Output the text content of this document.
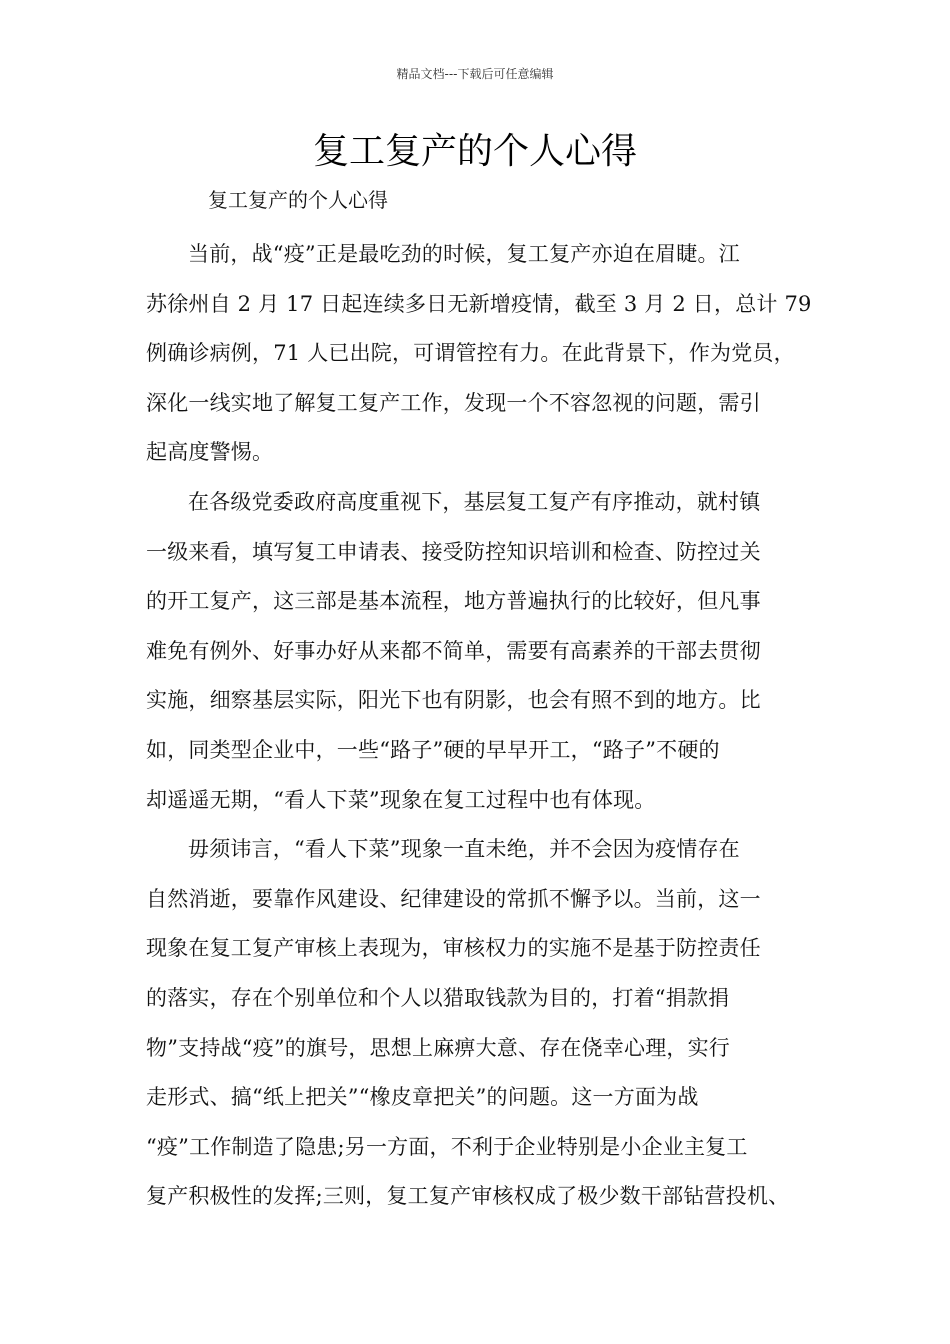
精品文档---下载后可任意编辑
复工复产的个人心得
复工复产的个人心得
当前，战“疫”正是最吃劲的时候，复工复产亦迫在眉睫。江
苏徐州自 2 月 17 日起连续多日无新增疫情，截至 3 月 2 日，总计 79
例确诊病例，71 人已出院，可谓管控有力。在此背景下，作为党员，
深化一线实地了解复工复产工作，发现一个不容忽视的问题，需引
起高度警惕。
在各级党委政府高度重视下，基层复工复产有序推动，就村镇
一级来看，填写复工申请表、接受防控知识培训和检查、防控过关
的开工复产，这三部是基本流程，地方普遍执行的比较好，但凡事
难免有例外、好事办好从来都不简单，需要有高素养的干部去贯彻
实施，细察基层实际，阳光下也有阴影，也会有照不到的地方。比
如，同类型企业中，一些“路子”硬的早早开工，“路子”不硬的
却遥遥无期，“看人下菜”现象在复工过程中也有体现。
毋须讳言，“看人下菜”现象一直未绝，并不会因为疫情存在
自然消逝，要靠作风建设、纪律建设的常抓不懈予以。当前，这一
现象在复工复产审核上表现为，审核权力的实施不是基于防控责任
的落实，存在个别单位和个人以猎取钱款为目的，打着“捐款捐
物”支持战“疫”的旗号，思想上麻痹大意、存在侥幸心理，实行
走形式、搞“纸上把关”“橡皮章把关”的问题。这一方面为战
“疫”工作制造了隐患;另一方面，不利于企业特别是小企业主复工
复产积极性的发挥;三则，复工复产审核权成了极少数干部钻营投机、
